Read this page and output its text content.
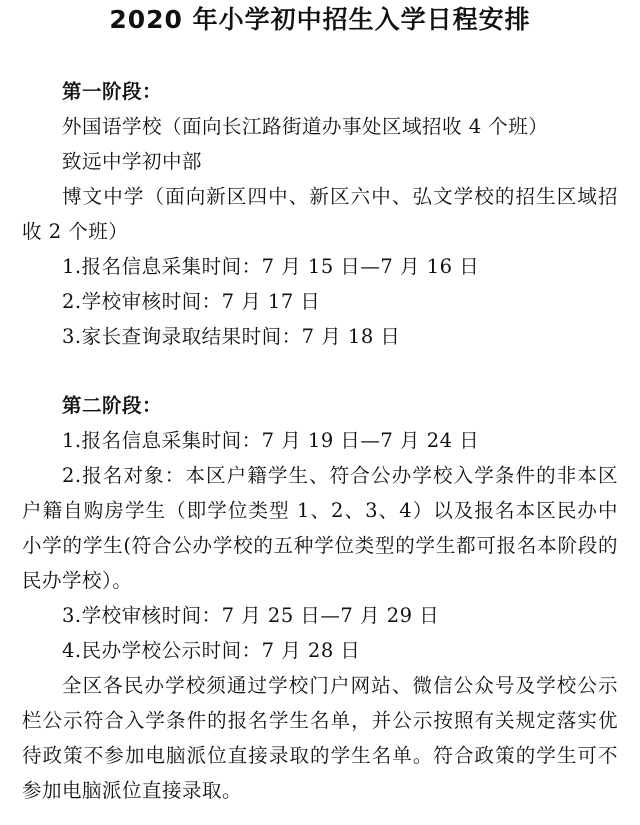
2020 年小学初中招生入学日程安排
第一阶段：
外国语学校（面向长江路街道办事处区域招收 4 个班）
致远中学初中部

博文中学（面向新区四中、新区六中、弘文学校的招生区域招收 2 个班）

1.报名信息采集时间：7 月 15 日—7 月 16 日
2.学校审核时间：7 月 17 日
3.家长查询录取结果时间：7 月 18 日
第二阶段：
1.报名信息采集时间：7 月 19 日—7 月 24 日

2.报名对象：本区户籍学生、符合公办学校入学条件的非本区户籍自购房学生（即学位类型 1、2、3、4）以及报名本区民办中小学的学生(符合公办学校的五种学位类型的学生都可报名本阶段的民办学校）。

3.学校审核时间：7 月 25 日—7 月 29 日
4.民办学校公示时间：7 月 28 日

全区各民办学校须通过学校门户网站、微信公众号及学校公示栏公示符合入学条件的报名学生名单，并公示按照有关规定落实优待政策不参加电脑派位直接录取的学生名单。符合政策的学生可不参加电脑派位直接录取。
